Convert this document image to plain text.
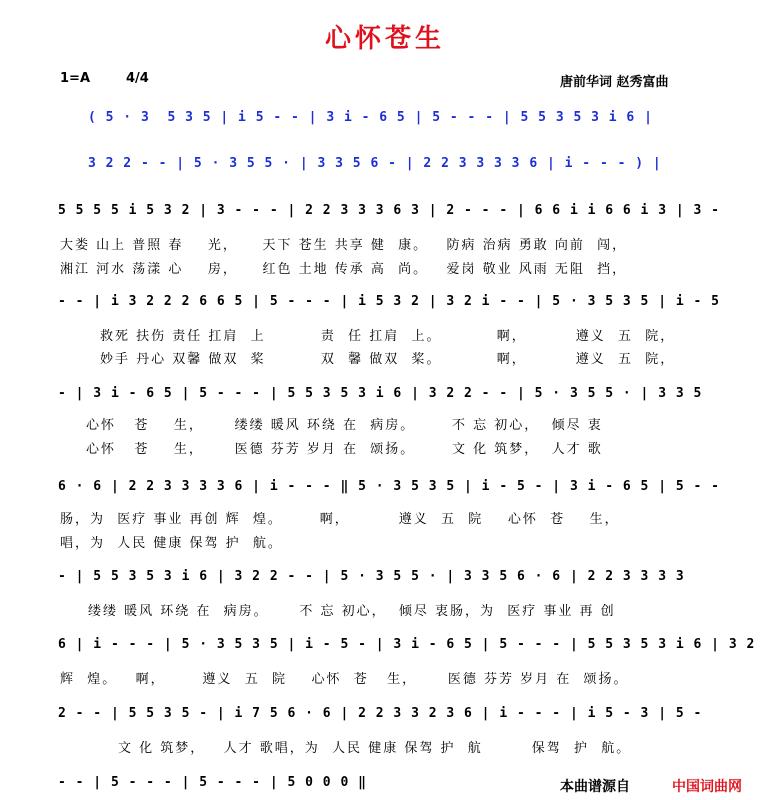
心怀苍生
1=A	4/4	唐前华词 赵秀富曲
( 5 · 3  5 3 5 | i 5 - - | 3 i - 6 5 | 5 - - - | 5 5 3 5 3 i 6 |
3 2 2 - - | 5 · 3 5 5 · | 3 3 5 6 - | 2 2 3 3 3 3 6 | i - - - ) |
5 5 5 5 i 5 3 2 | 3 - - - | 2 2 3 3 3 6 3 | 2 - - - | 6 6 i i 6 6 i 3 | 3 -
大娄 山上 普照 春    光，    天下 苍生 共享 健  康。   防病 治病 勇敢 向前  闯，
湘江 河水 荡漾 心    房，    红色 土地 传承 高  尚。   爱岗 敬业 风雨 无阻  挡，
- - | i 3 2 2 2 6 6 5 | 5 - - - | i 5 3 2 | 3 2 i - - | 5 · 3 5 3 5 | i - 5
救死 扶伤 责任 扛肩  上         责  任 扛肩  上。         啊，        遵义  五  院，
妙手 丹心 双馨 做双  桨         双  馨 做双  桨。         啊，        遵义  五  院，
- | 3 i - 6 5 | 5 - - - | 5 5 3 5 3 i 6 | 3 2 2 - - | 5 · 3 5 5 · | 3 3 5
心怀   苍    生，     缕缕 暖风 环绕 在  病房。      不 忘 初心，  倾尽 衷
心怀   苍    生，     医德 芬芳 岁月 在  颂扬。      文 化 筑梦，  人才 歌
6 · 6 | 2 2 3 3 3 3 6 | i - - - ‖ 5 · 3 5 3 5 | i - 5 - | 3 i - 6 5 | 5 - -
肠，为  医疗 事业 再创 辉  煌。      啊，        遵义  五  院    心怀  苍    生，
唱，为  人民 健康 保驾 护  航。
- | 5 5 3 5 3 i 6 | 3 2 2 - - | 5 · 3 5 5 · | 3 3 5 6 · 6 | 2 2 3 3 3 3
缕缕 暖风 环绕 在  病房。     不 忘 初心，  倾尽 衷肠，为  医疗 事业 再 创
6 | i - - - | 5 · 3 5 3 5 | i - 5 - | 3 i - 6 5 | 5 - - - | 5 5 3 5 3 i 6 | 3 2
辉  煌。   啊，      遵义  五  院    心怀  苍   生，     医德 芬芳 岁月 在  颂扬。
2 - - | 5 5 3 5 - | i 7 5 6 · 6 | 2 2 3 3 2 3 6 | i - - - | i 5 - 3 | 5 -
文 化 筑梦，   人才 歌唱，为  人民 健康 保驾 护  航        保驾  护  航。
- - | 5 - - - | 5 - - - | 5 0 0 0 ‖	本曲谱源自	中国词曲网
